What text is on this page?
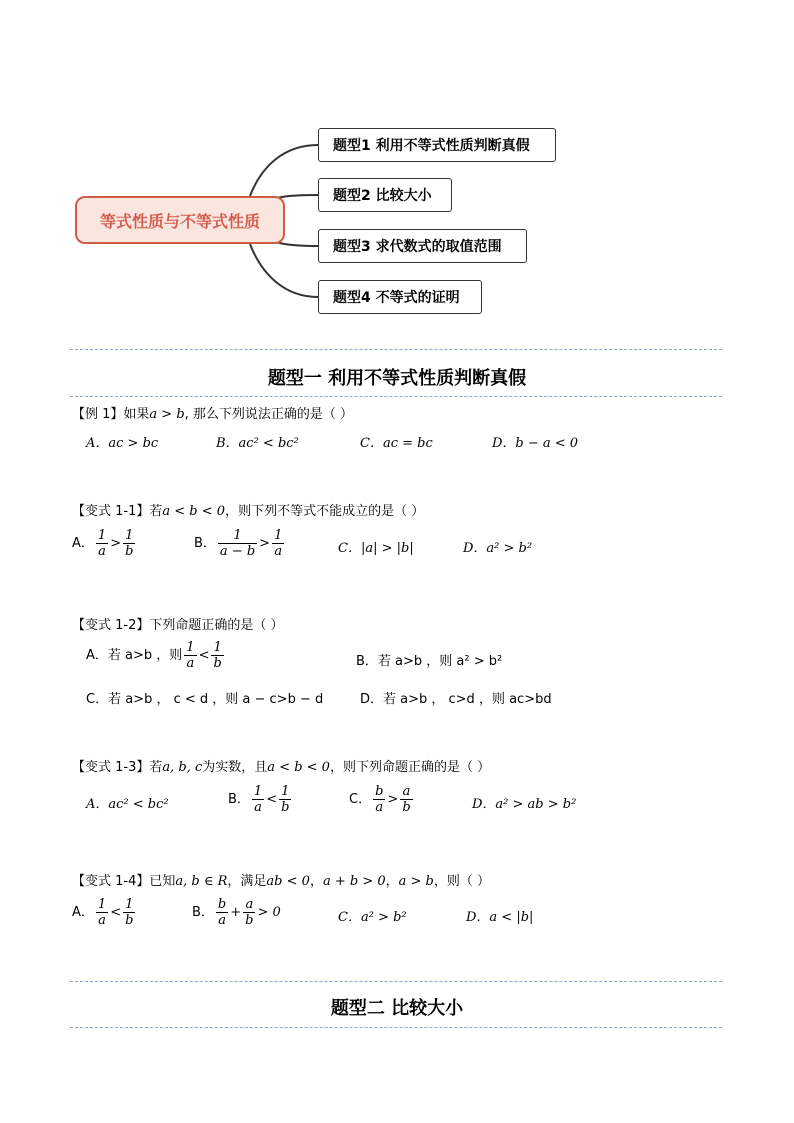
等式性质与不等式性质
题型1 利用不等式性质判断真假
题型2 比较大小
题型3 求代数式的取值范围
题型4 不等式的证明
题型一 利用不等式性质判断真假
【例 1】如果a > b, 那么下列说法正确的是（ ）
A．ac > bc	B．ac² < bc²	C．ac = bc	D．b − a < 0
【变式 1-1】若a < b < 0，则下列不等式不能成立的是（ ）
A． $\frac{1}{a} > \frac{1}{b}$	B． $\frac{1}{a - b} > \frac{1}{a}$	C．|a| > |b|	D．a² > b²
【变式 1-2】下列命题正确的是（ ）
A．若 a>b ，则 $\frac{1}{a} < \frac{1}{b}$	B．若 a>b ，则 a² > b²
C．若 a>b ， c < d ，则 a − c>b − d	D．若 a>b ， c>d ，则 ac>bd
【变式 1-3】若a, b, c为实数，且a < b < 0，则下列命题正确的是（ ）
A．ac² < bc²	B． $\frac{1}{a} < \frac{1}{b}$	C． $\frac{b}{a} > \frac{a}{b}$	D．a² > ab > b²
【变式 1-4】已知a, b ∈ R，满足ab < 0，a + b > 0，a > b，则（ ）
A． $\frac{1}{a} < \frac{1}{b}$	B． $\frac{b}{a} + \frac{a}{b} > 0$	C．a² > b²	D．a < |b|
题型二 比较大小
